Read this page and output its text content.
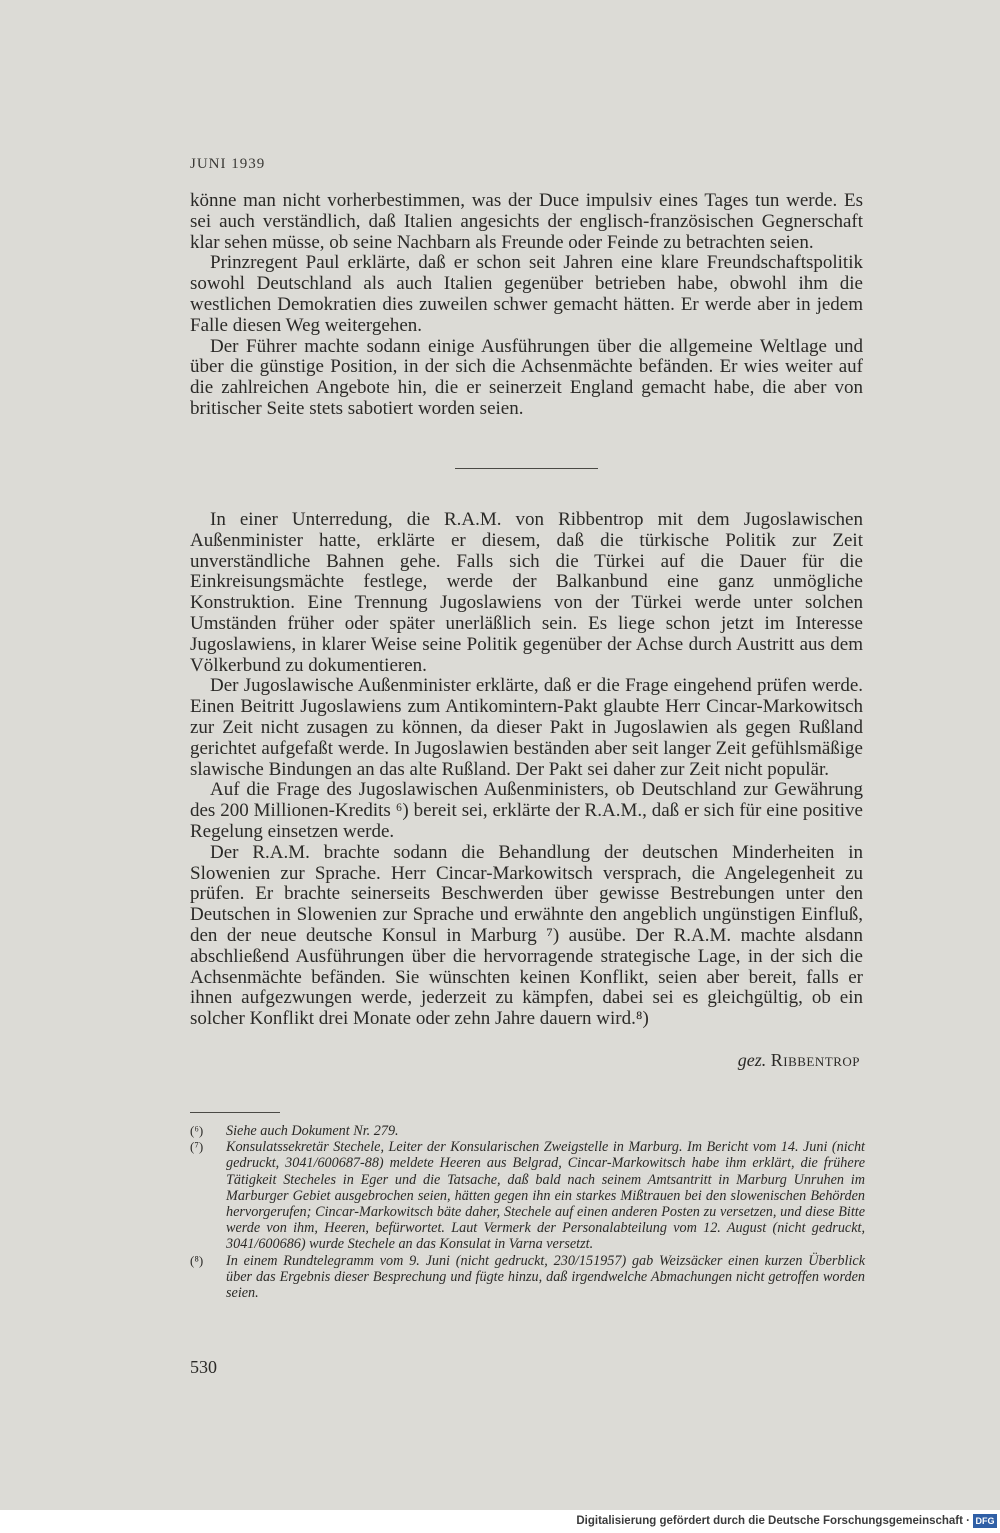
JUNI 1939

könne man nicht vorherbestimmen, was der Duce impulsiv eines Tages tun werde. Es sei auch verständlich, daß Italien angesichts der englisch-französischen Gegnerschaft klar sehen müsse, ob seine Nachbarn als Freunde oder Feinde zu betrachten seien.

Prinzregent Paul erklärte, daß er schon seit Jahren eine klare Freundschaftspolitik sowohl Deutschland als auch Italien gegenüber betrieben habe, obwohl ihm die westlichen Demokratien dies zuweilen schwer gemacht hätten. Er werde aber in jedem Falle diesen Weg weitergehen.

Der Führer machte sodann einige Ausführungen über die allgemeine Weltlage und über die günstige Position, in der sich die Achsenmächte befänden. Er wies weiter auf die zahlreichen Angebote hin, die er seinerzeit England gemacht habe, die aber von britischer Seite stets sabotiert worden seien.

In einer Unterredung, die R.A.M. von Ribbentrop mit dem Jugoslawischen Außenminister hatte, erklärte er diesem, daß die türkische Politik zur Zeit unverständliche Bahnen gehe. Falls sich die Türkei auf die Dauer für die Einkreisungsmächte festlege, werde der Balkanbund eine ganz unmögliche Konstruktion. Eine Trennung Jugoslawiens von der Türkei werde unter solchen Umständen früher oder später unerläßlich sein. Es liege schon jetzt im Interesse Jugoslawiens, in klarer Weise seine Politik gegenüber der Achse durch Austritt aus dem Völkerbund zu dokumentieren.

Der Jugoslawische Außenminister erklärte, daß er die Frage eingehend prüfen werde. Einen Beitritt Jugoslawiens zum Antikomintern-Pakt glaubte Herr Cincar-Markowitsch zur Zeit nicht zusagen zu können, da dieser Pakt in Jugoslawien als gegen Rußland gerichtet aufgefaßt werde. In Jugoslawien beständen aber seit langer Zeit gefühlsmäßige slawische Bindungen an das alte Rußland. Der Pakt sei daher zur Zeit nicht populär.

Auf die Frage des Jugoslawischen Außenministers, ob Deutschland zur Gewährung des 200 Millionen-Kredits ⁶) bereit sei, erklärte der R.A.M., daß er sich für eine positive Regelung einsetzen werde.

Der R.A.M. brachte sodann die Behandlung der deutschen Minderheiten in Slowenien zur Sprache. Herr Cincar-Markowitsch versprach, die Angelegenheit zu prüfen. Er brachte seinerseits Beschwerden über gewisse Bestrebungen unter den Deutschen in Slowenien zur Sprache und erwähnte den angeblich ungünstigen Einfluß, den der neue deutsche Konsul in Marburg ⁷) ausübe. Der R.A.M. machte alsdann abschließend Ausführungen über die hervorragende strategische Lage, in der sich die Achsenmächte befänden. Sie wünschten keinen Konflikt, seien aber bereit, falls er ihnen aufgezwungen werde, jederzeit zu kämpfen, dabei sei es gleichgültig, ob ein solcher Konflikt drei Monate oder zehn Jahre dauern wird.⁸)

gez. Ribbentrop
(⁶)	Siehe auch Dokument Nr. 279.
(⁷)	Konsulatssekretär Stechele, Leiter der Konsularischen Zweigstelle in Marburg. Im Bericht vom 14. Juni (nicht gedruckt, 3041/600687-88) meldete Heeren aus Belgrad, Cincar-Markowitsch habe ihm erklärt, die frühere Tätigkeit Stecheles in Eger und die Tatsache, daß bald nach seinem Amtsantritt in Marburg Unruhen im Marburger Gebiet ausgebrochen seien, hätten gegen ihn ein starkes Mißtrauen bei den slowenischen Behörden hervorgerufen; Cincar-Markowitsch bäte daher, Stechele auf einen anderen Posten zu versetzen, und diese Bitte werde von ihm, Heeren, befürwortet. Laut Vermerk der Personalabteilung vom 12. August (nicht gedruckt, 3041/600686) wurde Stechele an das Konsulat in Varna versetzt.
(⁸)	In einem Rundtelegramm vom 9. Juni (nicht gedruckt, 230/151957) gab Weizsäcker einen kurzen Überblick über das Ergebnis dieser Besprechung und fügte hinzu, daß irgendwelche Abmachungen nicht getroffen worden seien.
530
Digitalisierung gefördert durch die Deutsche Forschungsgemeinschaft · DFG
